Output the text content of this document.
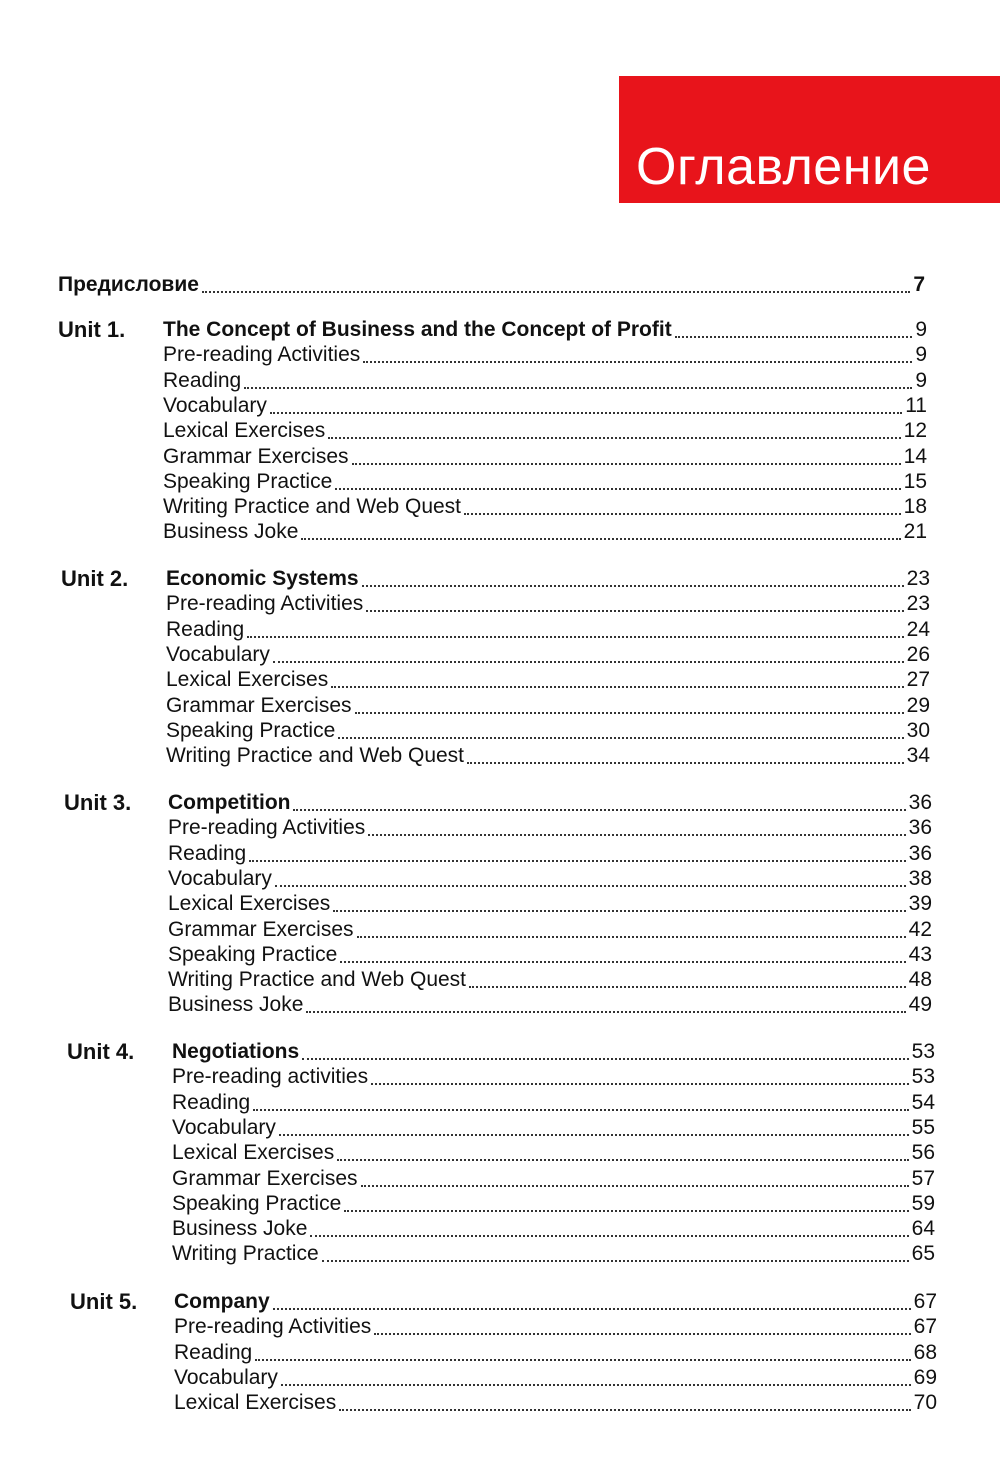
Оглавление
Предисловие	7
Unit 1. The Concept of Business and the Concept of Profit	9
Pre-reading Activities	9
Reading	9
Vocabulary	11
Lexical Exercises	12
Grammar Exercises	14
Speaking Practice	15
Writing Practice and Web Quest	18
Business Joke	21
Unit 2. Economic Systems	23
Pre-reading Activities	23
Reading	24
Vocabulary	26
Lexical Exercises	27
Grammar Exercises	29
Speaking Practice	30
Writing Practice and Web Quest	34
Unit 3. Competition	36
Pre-reading Activities	36
Reading	36
Vocabulary	38
Lexical Exercises	39
Grammar Exercises	42
Speaking Practice	43
Writing Practice and Web Quest	48
Business Joke	49
Unit 4. Negotiations	53
Pre-reading activities	53
Reading	54
Vocabulary	55
Lexical Exercises	56
Grammar Exercises	57
Speaking Practice	59
Business Joke	64
Writing Practice	65
Unit 5. Company	67
Pre-reading Activities	67
Reading	68
Vocabulary	69
Lexical Exercises	70
